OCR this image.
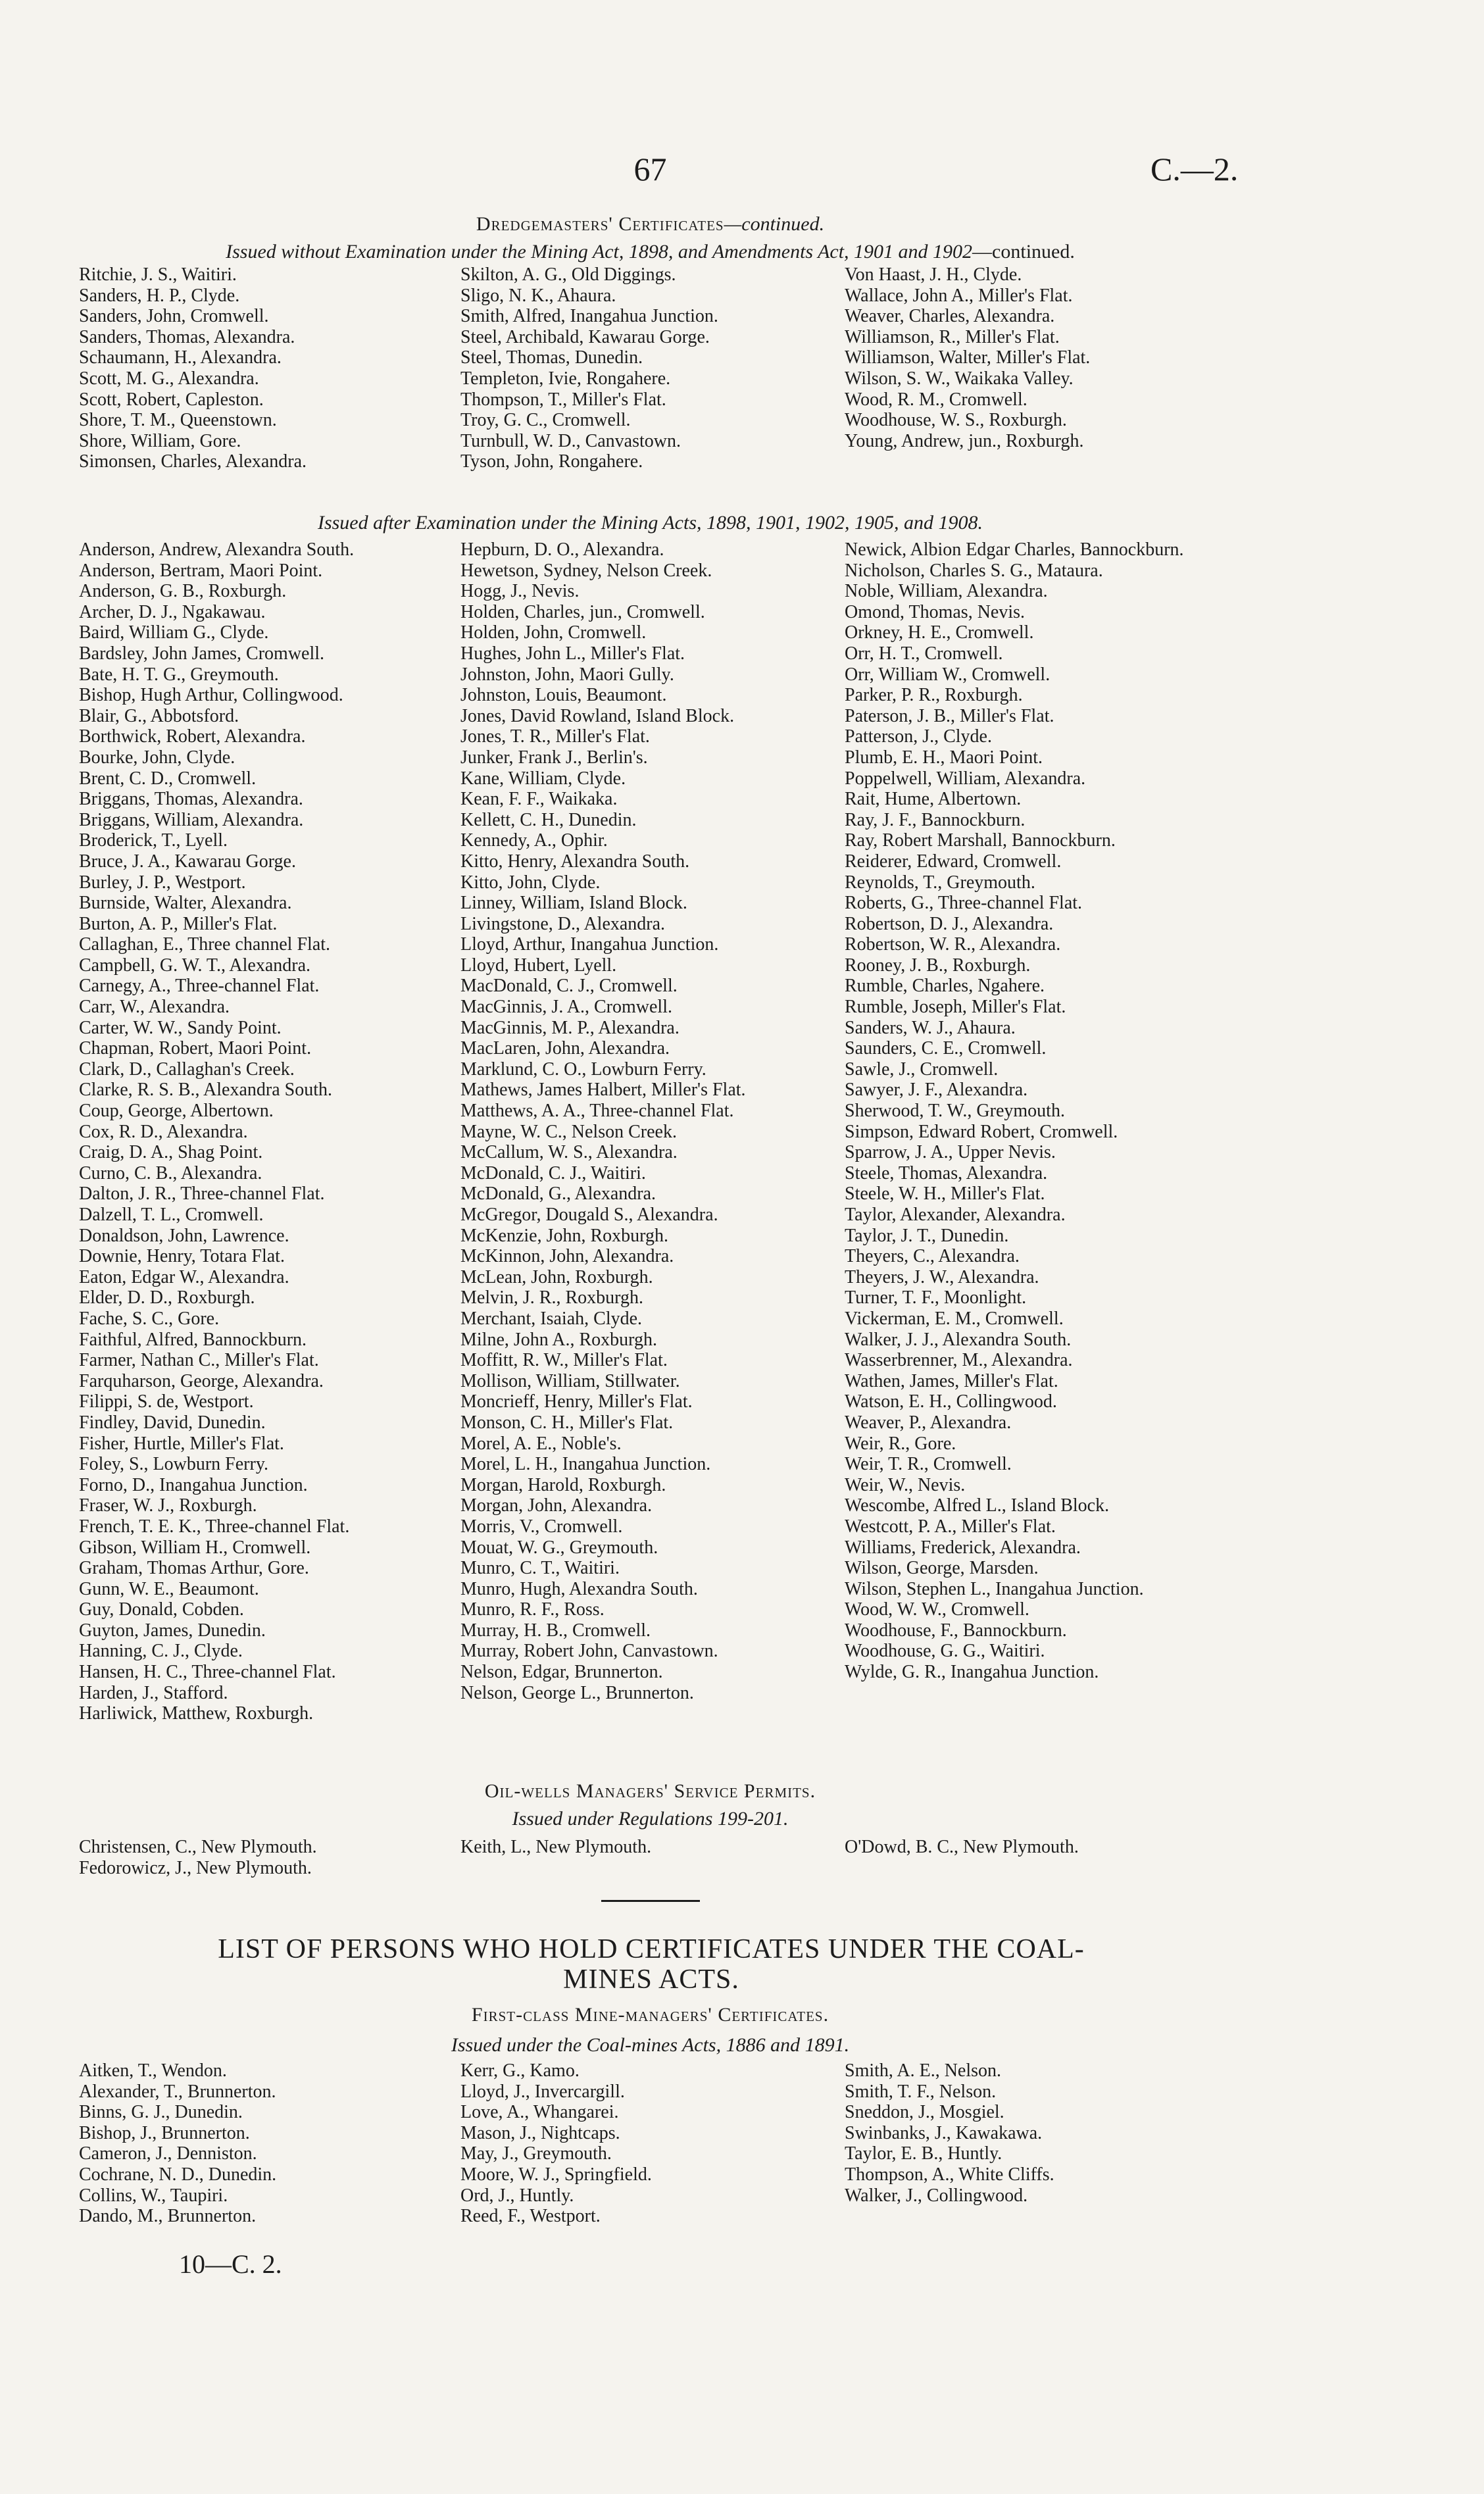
67	C.—2.
Dredgemasters' Certificates—continued.
Issued without Examination under the Mining Act, 1898, and Amendments Act, 1901 and 1902—continued.
Ritchie, J. S., Waitiri.
Sanders, H. P., Clyde.
Sanders, John, Cromwell.
Sanders, Thomas, Alexandra.
Schaumann, H., Alexandra.
Scott, M. G., Alexandra.
Scott, Robert, Capleston.
Shore, T. M., Queenstown.
Shore, William, Gore.
Simonsen, Charles, Alexandra.
Skilton, A. G., Old Diggings.
Sligo, N. K., Ahaura.
Smith, Alfred, Inangahua Junction.
Steel, Archibald, Kawarau Gorge.
Steel, Thomas, Dunedin.
Templeton, Ivie, Rongahere.
Thompson, T., Miller's Flat.
Troy, G. C., Cromwell.
Turnbull, W. D., Canvastown.
Tyson, John, Rongahere.
Von Haast, J. H., Clyde.
Wallace, John A., Miller's Flat.
Weaver, Charles, Alexandra.
Williamson, R., Miller's Flat.
Williamson, Walter, Miller's Flat.
Wilson, S. W., Waikaka Valley.
Wood, R. M., Cromwell.
Woodhouse, W. S., Roxburgh.
Young, Andrew, jun., Roxburgh.
Issued after Examination under the Mining Acts, 1898, 1901, 1902, 1905, and 1908.
Anderson, Andrew, Alexandra South.
Anderson, Bertram, Maori Point.
Anderson, G. B., Roxburgh.
Archer, D. J., Ngakawau.
Baird, William G., Clyde.
Bardsley, John James, Cromwell.
Bate, H. T. G., Greymouth.
Bishop, Hugh Arthur, Collingwood.
Blair, G., Abbotsford.
Borthwick, Robert, Alexandra.
Bourke, John, Clyde.
Brent, C. D., Cromwell.
Briggans, Thomas, Alexandra.
Briggans, William, Alexandra.
Broderick, T., Lyell.
Bruce, J. A., Kawarau Gorge.
Burley, J. P., Westport.
Burnside, Walter, Alexandra.
Burton, A. P., Miller's Flat.
Callaghan, E., Three channel Flat.
Campbell, G. W. T., Alexandra.
Carnegy, A., Three-channel Flat.
Carr, W., Alexandra.
Carter, W. W., Sandy Point.
Chapman, Robert, Maori Point.
Clark, D., Callaghan's Creek.
Clarke, R. S. B., Alexandra South.
Coup, George, Albertown.
Cox, R. D., Alexandra.
Craig, D. A., Shag Point.
Curno, C. B., Alexandra.
Dalton, J. R., Three-channel Flat.
Dalzell, T. L., Cromwell.
Donaldson, John, Lawrence.
Downie, Henry, Totara Flat.
Eaton, Edgar W., Alexandra.
Elder, D. D., Roxburgh.
Fache, S. C., Gore.
Faithful, Alfred, Bannockburn.
Farmer, Nathan C., Miller's Flat.
Farquharson, George, Alexandra.
Filippi, S. de, Westport.
Findley, David, Dunedin.
Fisher, Hurtle, Miller's Flat.
Foley, S., Lowburn Ferry.
Forno, D., Inangahua Junction.
Fraser, W. J., Roxburgh.
French, T. E. K., Three-channel Flat.
Gibson, William H., Cromwell.
Graham, Thomas Arthur, Gore.
Gunn, W. E., Beaumont.
Guy, Donald, Cobden.
Guyton, James, Dunedin.
Hanning, C. J., Clyde.
Hansen, H. C., Three-channel Flat.
Harden, J., Stafford.
Harliwick, Matthew, Roxburgh.
Hepburn, D. O., Alexandra.
Hewetson, Sydney, Nelson Creek.
Hogg, J., Nevis.
Holden, Charles, jun., Cromwell.
Holden, John, Cromwell.
Hughes, John L., Miller's Flat.
Johnston, John, Maori Gully.
Johnston, Louis, Beaumont.
Jones, David Rowland, Island Block.
Jones, T. R., Miller's Flat.
Junker, Frank J., Berlin's.
Kane, William, Clyde.
Kean, F. F., Waikaka.
Kellett, C. H., Dunedin.
Kennedy, A., Ophir.
Kitto, Henry, Alexandra South.
Kitto, John, Clyde.
Linney, William, Island Block.
Livingstone, D., Alexandra.
Lloyd, Arthur, Inangahua Junction.
Lloyd, Hubert, Lyell.
MacDonald, C. J., Cromwell.
MacGinnis, J. A., Cromwell.
MacGinnis, M. P., Alexandra.
MacLaren, John, Alexandra.
Marklund, C. O., Lowburn Ferry.
Mathews, James Halbert, Miller's Flat.
Matthews, A. A., Three-channel Flat.
Mayne, W. C., Nelson Creek.
McCallum, W. S., Alexandra.
McDonald, C. J., Waitiri.
McDonald, G., Alexandra.
McGregor, Dougald S., Alexandra.
McKenzie, John, Roxburgh.
McKinnon, John, Alexandra.
McLean, John, Roxburgh.
Melvin, J. R., Roxburgh.
Merchant, Isaiah, Clyde.
Milne, John A., Roxburgh.
Moffitt, R. W., Miller's Flat.
Mollison, William, Stillwater.
Moncrieff, Henry, Miller's Flat.
Monson, C. H., Miller's Flat.
Morel, A. E., Noble's.
Morel, L. H., Inangahua Junction.
Morgan, Harold, Roxburgh.
Morgan, John, Alexandra.
Morris, V., Cromwell.
Mouat, W. G., Greymouth.
Munro, C. T., Waitiri.
Munro, Hugh, Alexandra South.
Munro, R. F., Ross.
Murray, H. B., Cromwell.
Murray, Robert John, Canvastown.
Nelson, Edgar, Brunnerton.
Nelson, George L., Brunnerton.
Newick, Albion Edgar Charles, Bannockburn.
Nicholson, Charles S. G., Mataura.
Noble, William, Alexandra.
Omond, Thomas, Nevis.
Orkney, H. E., Cromwell.
Orr, H. T., Cromwell.
Orr, William W., Cromwell.
Parker, P. R., Roxburgh.
Paterson, J. B., Miller's Flat.
Patterson, J., Clyde.
Plumb, E. H., Maori Point.
Poppelwell, William, Alexandra.
Rait, Hume, Albertown.
Ray, J. F., Bannockburn.
Ray, Robert Marshall, Bannockburn.
Reiderer, Edward, Cromwell.
Reynolds, T., Greymouth.
Roberts, G., Three-channel Flat.
Robertson, D. J., Alexandra.
Robertson, W. R., Alexandra.
Rooney, J. B., Roxburgh.
Rumble, Charles, Ngahere.
Rumble, Joseph, Miller's Flat.
Sanders, W. J., Ahaura.
Saunders, C. E., Cromwell.
Sawle, J., Cromwell.
Sawyer, J. F., Alexandra.
Sherwood, T. W., Greymouth.
Simpson, Edward Robert, Cromwell.
Sparrow, J. A., Upper Nevis.
Steele, Thomas, Alexandra.
Steele, W. H., Miller's Flat.
Taylor, Alexander, Alexandra.
Taylor, J. T., Dunedin.
Theyers, C., Alexandra.
Theyers, J. W., Alexandra.
Turner, T. F., Moonlight.
Vickerman, E. M., Cromwell.
Walker, J. J., Alexandra South.
Wasserbrenner, M., Alexandra.
Wathen, James, Miller's Flat.
Watson, E. H., Collingwood.
Weaver, P., Alexandra.
Weir, R., Gore.
Weir, T. R., Cromwell.
Weir, W., Nevis.
Wescombe, Alfred L., Island Block.
Westcott, P. A., Miller's Flat.
Williams, Frederick, Alexandra.
Wilson, George, Marsden.
Wilson, Stephen L., Inangahua Junction.
Wood, W. W., Cromwell.
Woodhouse, F., Bannockburn.
Woodhouse, G. G., Waitiri.
Wylde, G. R., Inangahua Junction.
Oil-wells Managers' Service Permits.
Issued under Regulations 199-201.
Christensen, C., New Plymouth.
Fedorowicz, J., New Plymouth.
Keith, L., New Plymouth.	O'Dowd, B. C., New Plymouth.
LIST OF PERSONS WHO HOLD CERTIFICATES UNDER THE COAL-
MINES ACTS.
First-class Mine-managers' Certificates.
Issued under the Coal-mines Acts, 1886 and 1891.
Aitken, T., Wendon.
Alexander, T., Brunnerton.
Binns, G. J., Dunedin.
Bishop, J., Brunnerton.
Cameron, J., Denniston.
Cochrane, N. D., Dunedin.
Collins, W., Taupiri.
Dando, M., Brunnerton.
Kerr, G., Kamo.
Lloyd, J., Invercargill.
Love, A., Whangarei.
Mason, J., Nightcaps.
May, J., Greymouth.
Moore, W. J., Springfield.
Ord, J., Huntly.
Reed, F., Westport.
Smith, A. E., Nelson.
Smith, T. F., Nelson.
Sneddon, J., Mosgiel.
Swinbanks, J., Kawakawa.
Taylor, E. B., Huntly.
Thompson, A., White Cliffs.
Walker, J., Collingwood.
10—C. 2.
